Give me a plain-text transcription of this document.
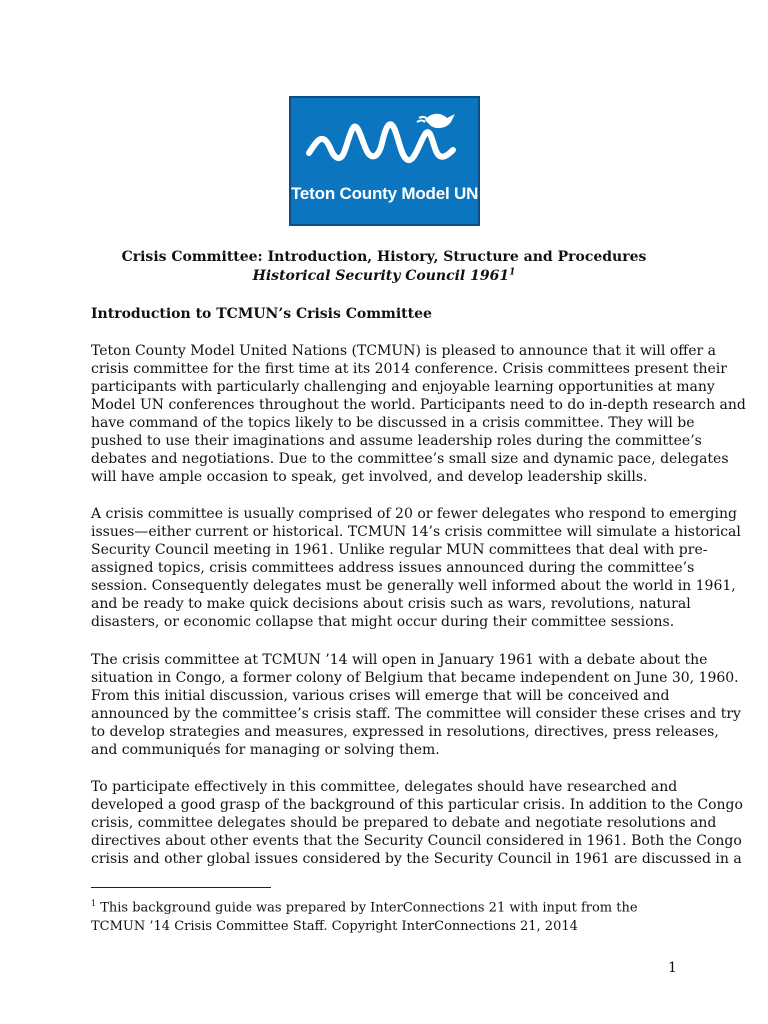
Teton County Model UN
Crisis Committee: Introduction, History, Structure and Procedures
Historical Security Council 1961$^1$
Introduction to TCMUN’s Crisis Committee
Teton County Model United Nations (TCMUN) is pleased to announce that it will offer a
crisis committee for the first time at its 2014 conference. Crisis committees present their
participants with particularly challenging and enjoyable learning opportunities at many
Model UN conferences throughout the world. Participants need to do in-depth research and
have command of the topics likely to be discussed in a crisis committee. They will be
pushed to use their imaginations and assume leadership roles during the committee’s
debates and negotiations. Due to the committee’s small size and dynamic pace, delegates
will have ample occasion to speak, get involved, and develop leadership skills.
A crisis committee is usually comprised of 20 or fewer delegates who respond to emerging
issues—either current or historical. TCMUN 14’s crisis committee will simulate a historical
Security Council meeting in 1961. Unlike regular MUN committees that deal with pre-
assigned topics, crisis committees address issues announced during the committee’s
session. Consequently delegates must be generally well informed about the world in 1961,
and be ready to make quick decisions about crisis such as wars, revolutions, natural
disasters, or economic collapse that might occur during their committee sessions.
The crisis committee at TCMUN ’14 will open in January 1961 with a debate about the
situation in Congo, a former colony of Belgium that became independent on June 30, 1960.
From this initial discussion, various crises will emerge that will be conceived and
announced by the committee’s crisis staff. The committee will consider these crises and try
to develop strategies and measures, expressed in resolutions, directives, press releases,
and communiqués for managing or solving them.
To participate effectively in this committee, delegates should have researched and
developed a good grasp of the background of this particular crisis. In addition to the Congo
crisis, committee delegates should be prepared to debate and negotiate resolutions and
directives about other events that the Security Council considered in 1961. Both the Congo
crisis and other global issues considered by the Security Council in 1961 are discussed in a
$^1$ This background guide was prepared by InterConnections 21 with input from the
TCMUN ’14 Crisis Committee Staff. Copyright InterConnections 21, 2014
1
